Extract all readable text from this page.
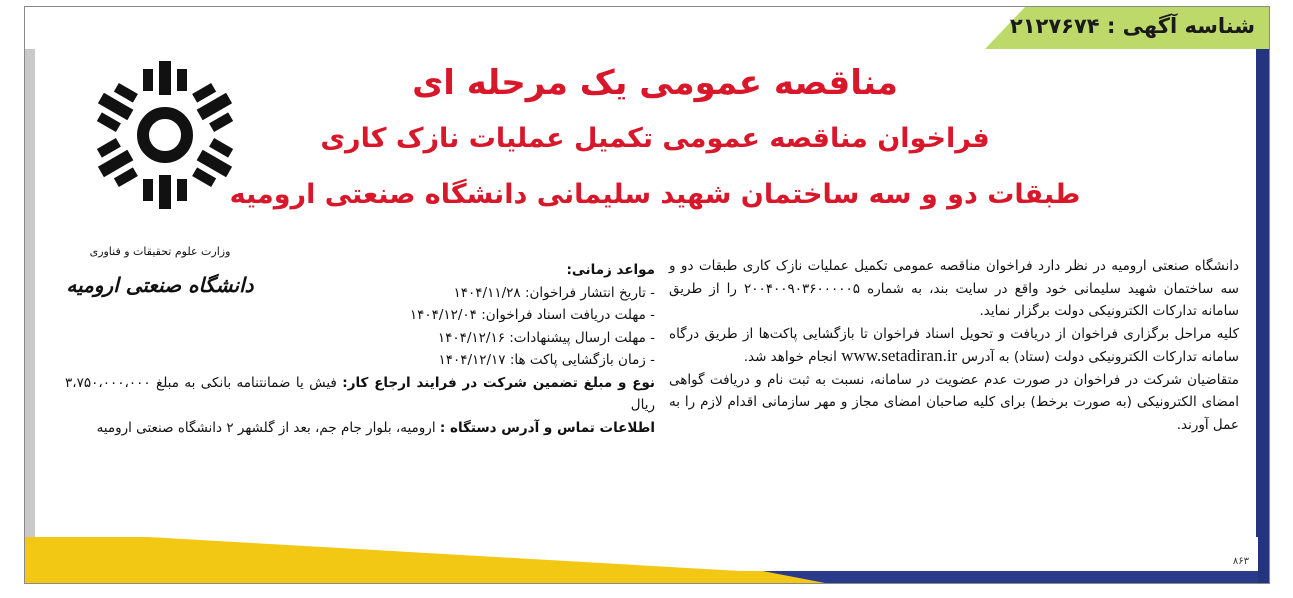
شناسه آگهی : ۲۱۲۷۶۷۴
مناقصه عمومی یک مرحله ای
فراخوان مناقصه عمومی تکمیل عملیات نازک کاری
طبقات دو و سه ساختمان شهید سلیمانی دانشگاه صنعتی ارومیه
وزارت علوم تحقیقات و فناوری
دانشگاه صنعتی ارومیه

دانشگاه صنعتی ارومیه در نظر دارد فراخوان مناقصه عمومی تکمیل عملیات نازک کاری طبقات دو و سه ساختمان شهید سلیمانی خود واقع در سایت بند، به شماره ۲۰۰۴۰۰۹۰۳۶۰۰۰۰۰۵ را از طریق سامانه تدارکات الکترونیکی دولت برگزار نماید.

کلیه مراحل برگزاری فراخوان از دریافت و تحویل اسناد فراخوان تا بازگشایی پاکت‌ها از طریق درگاه سامانه تدارکات الکترونیکی دولت (ستاد) به آدرس www.setadiran.ir انجام خواهد شد.

متقاضیان شرکت در فراخوان در صورت عدم عضویت در سامانه، نسبت به ثبت نام و دریافت گواهی امضای الکترونیکی (به صورت برخط) برای کلیه صاحبان امضای مجاز و مهر سازمانی اقدام لازم را به عمل آورند.

مواعد زمانی:

- تاریخ انتشار فراخوان: ۱۴۰۴/۱۱/۲۸

- مهلت دریافت اسناد فراخوان: ۱۴۰۴/۱۲/۰۴

- مهلت ارسال پیشنهادات: ۱۴۰۴/۱۲/۱۶

- زمان بازگشایی پاکت ها: ۱۴۰۴/۱۲/۱۷

نوع و مبلغ تضمین شرکت در فرایند ارجاع کار: فیش یا ضمانتنامه بانکی به مبلغ ۳،۷۵۰،۰۰۰،۰۰۰ ریال

اطلاعات تماس و آدرس دستگاه : ارومیه، بلوار جام جم، بعد از گلشهر ۲ دانشگاه صنعتی ارومیه

۸۶۳
